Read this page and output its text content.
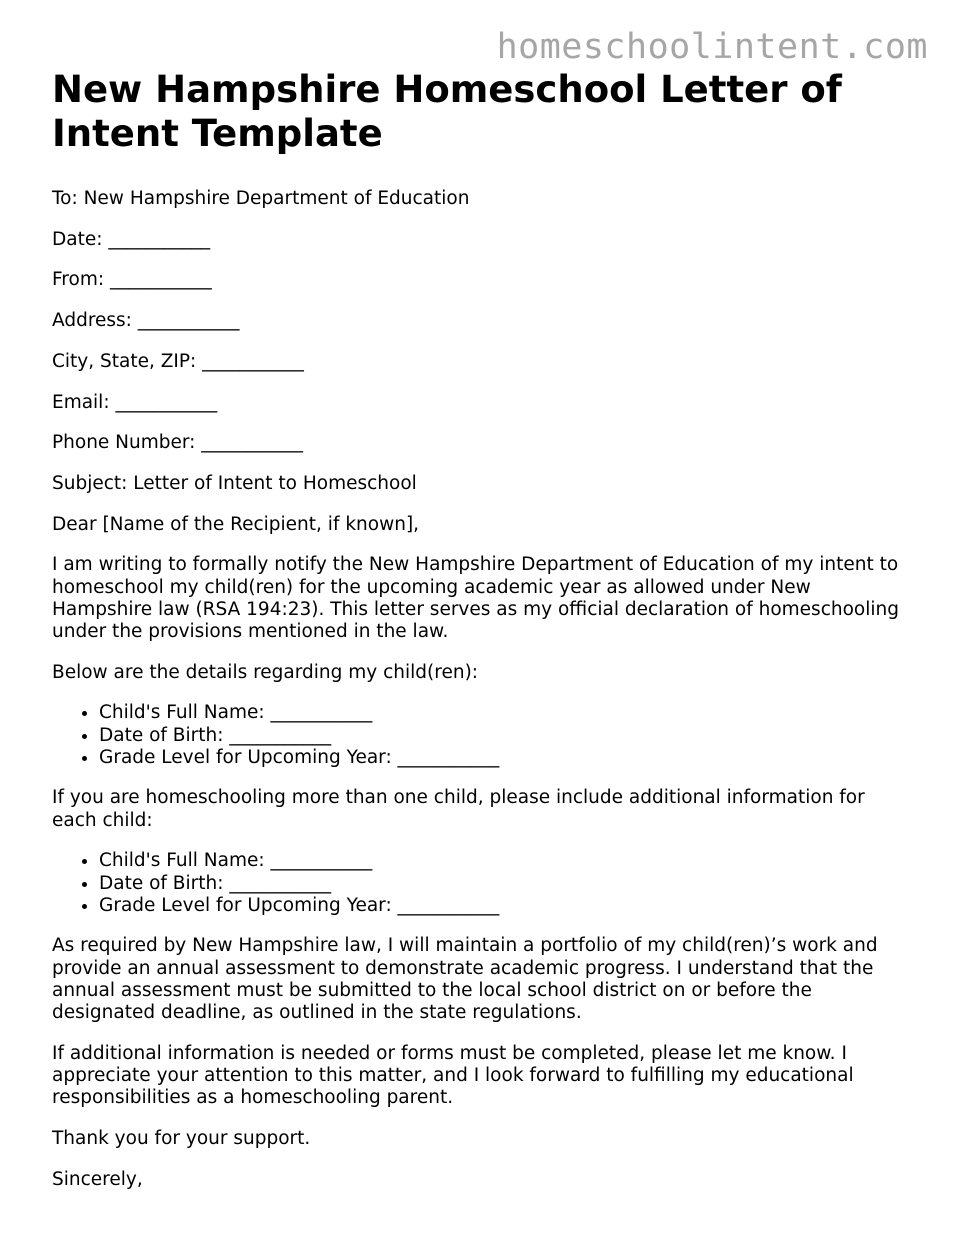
homeschoolintent.com
New Hampshire Homeschool Letter of Intent Template

To: New Hampshire Department of Education

Date: ___________

From: ___________

Address: ___________

City, State, ZIP: ___________

Email: ___________

Phone Number: ___________

Subject: Letter of Intent to Homeschool

Dear [Name of the Recipient, if known],

I am writing to formally notify the New Hampshire Department of Education of my intent to homeschool my child(ren) for the upcoming academic year as allowed under New Hampshire law (RSA 194:23). This letter serves as my official declaration of homeschooling under the provisions mentioned in the law.

Below are the details regarding my child(ren):

• Child's Full Name: ___________
• Date of Birth: ___________
• Grade Level for Upcoming Year: ___________

If you are homeschooling more than one child, please include additional information for each child:

• Child's Full Name: ___________
• Date of Birth: ___________
• Grade Level for Upcoming Year: ___________

As required by New Hampshire law, I will maintain a portfolio of my child(ren)’s work and provide an annual assessment to demonstrate academic progress. I understand that the annual assessment must be submitted to the local school district on or before the designated deadline, as outlined in the state regulations.

If additional information is needed or forms must be completed, please let me know. I appreciate your attention to this matter, and I look forward to fulfilling my educational responsibilities as a homeschooling parent.

Thank you for your support.

Sincerely,
